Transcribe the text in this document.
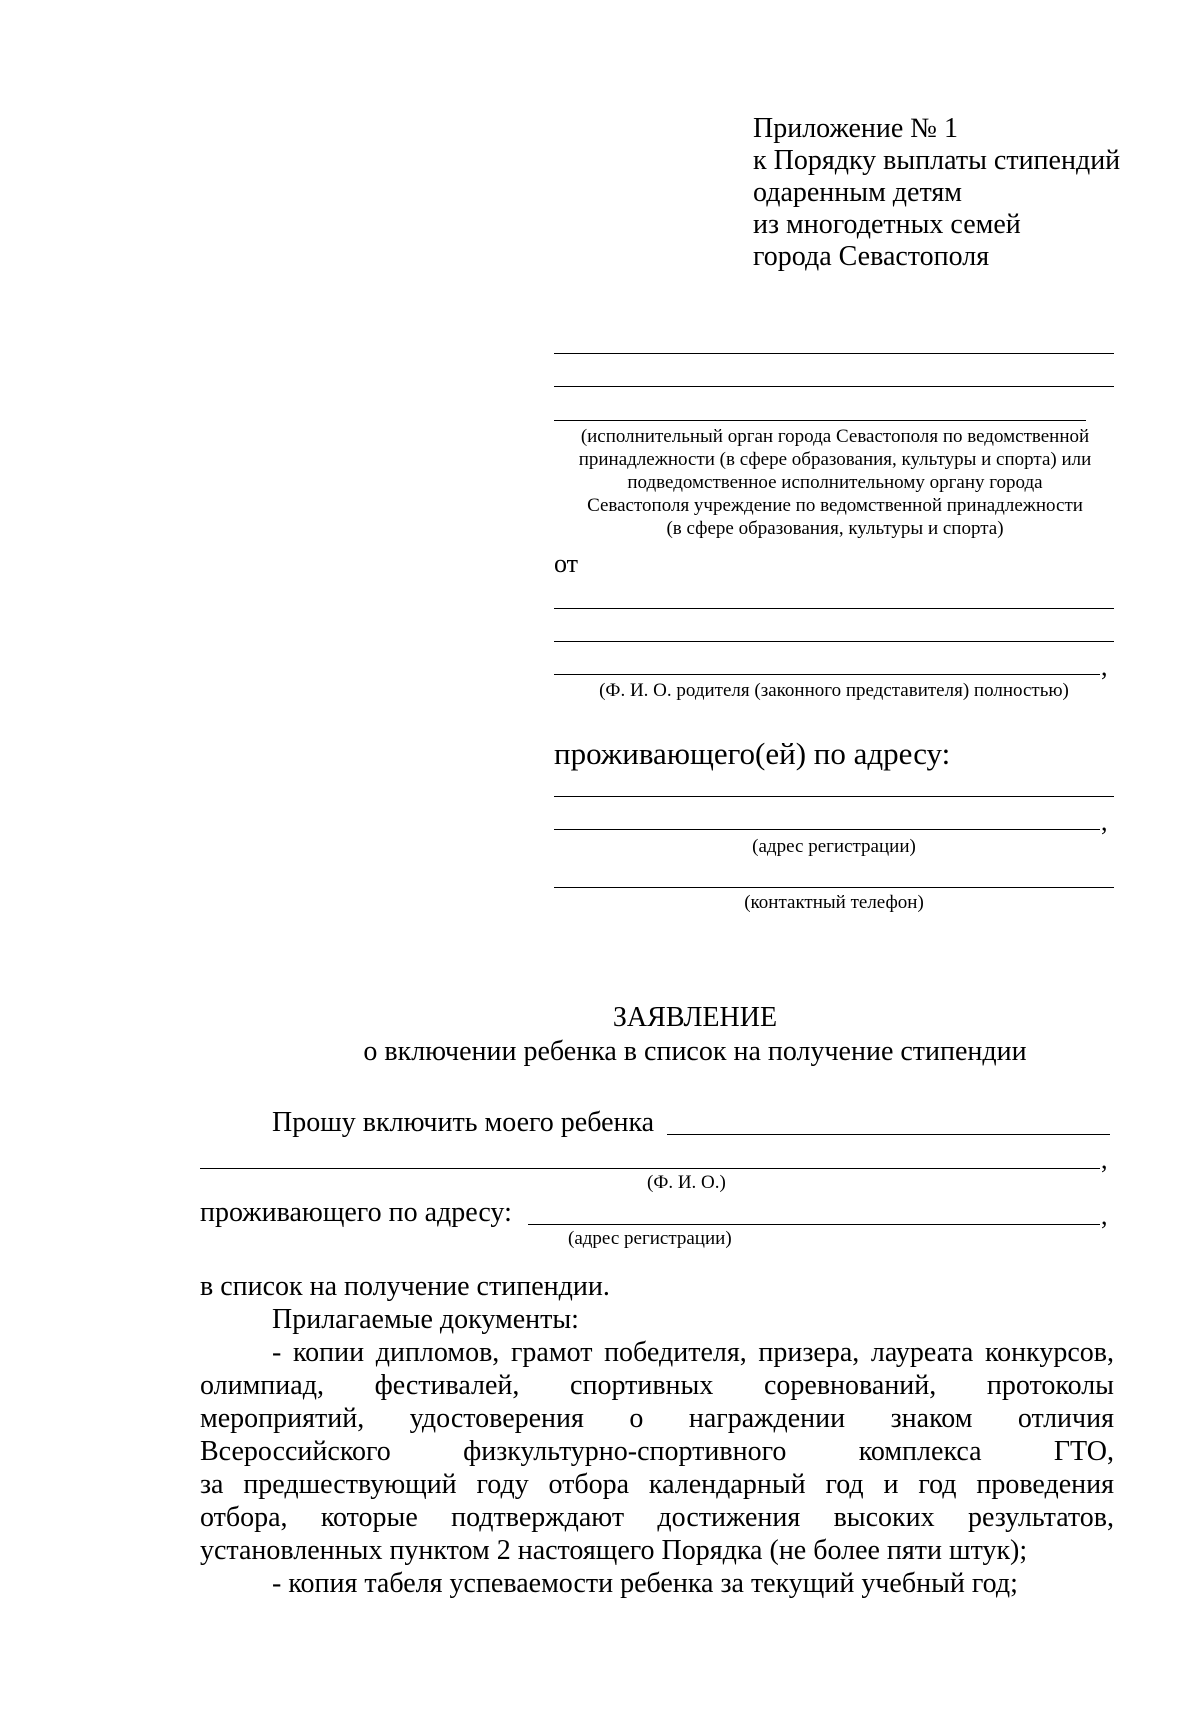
Приложение № 1
к Порядку выплаты стипендий
одаренным детям
из многодетных семей
города Севастополя
(исполнительный орган города Севастополя по ведомственной
принадлежности (в сфере образования, культуры и спорта) или
подведомственное исполнительному органу города
Севастополя учреждение по ведомственной принадлежности
(в сфере образования, культуры и спорта)
от
,
(Ф. И. О. родителя (законного представителя) полностью)
проживающего(ей) по адресу:
,
(адрес регистрации)
(контактный телефон)
ЗАЯВЛЕНИЕ
о включении ребенка в список на получение стипендии
Прошу включить моего ребенка
,
(Ф. И. О.)
проживающего по адресу:	,
(адрес регистрации)
в список на получение стипендии.
Прилагаемые документы:
- копии дипломов, грамот победителя, призера, лауреата конкурсов,
олимпиад, фестивалей, спортивных соревнований, протоколы
мероприятий, удостоверения о награждении знаком отличия
Всероссийского физкультурно-спортивного комплекса ГТО,
за предшествующий году отбора календарный год и год проведения
отбора, которые подтверждают достижения высоких результатов,
установленных пунктом 2 настоящего Порядка (не более пяти штук);
- копия табеля успеваемости ребенка за текущий учебный год;
